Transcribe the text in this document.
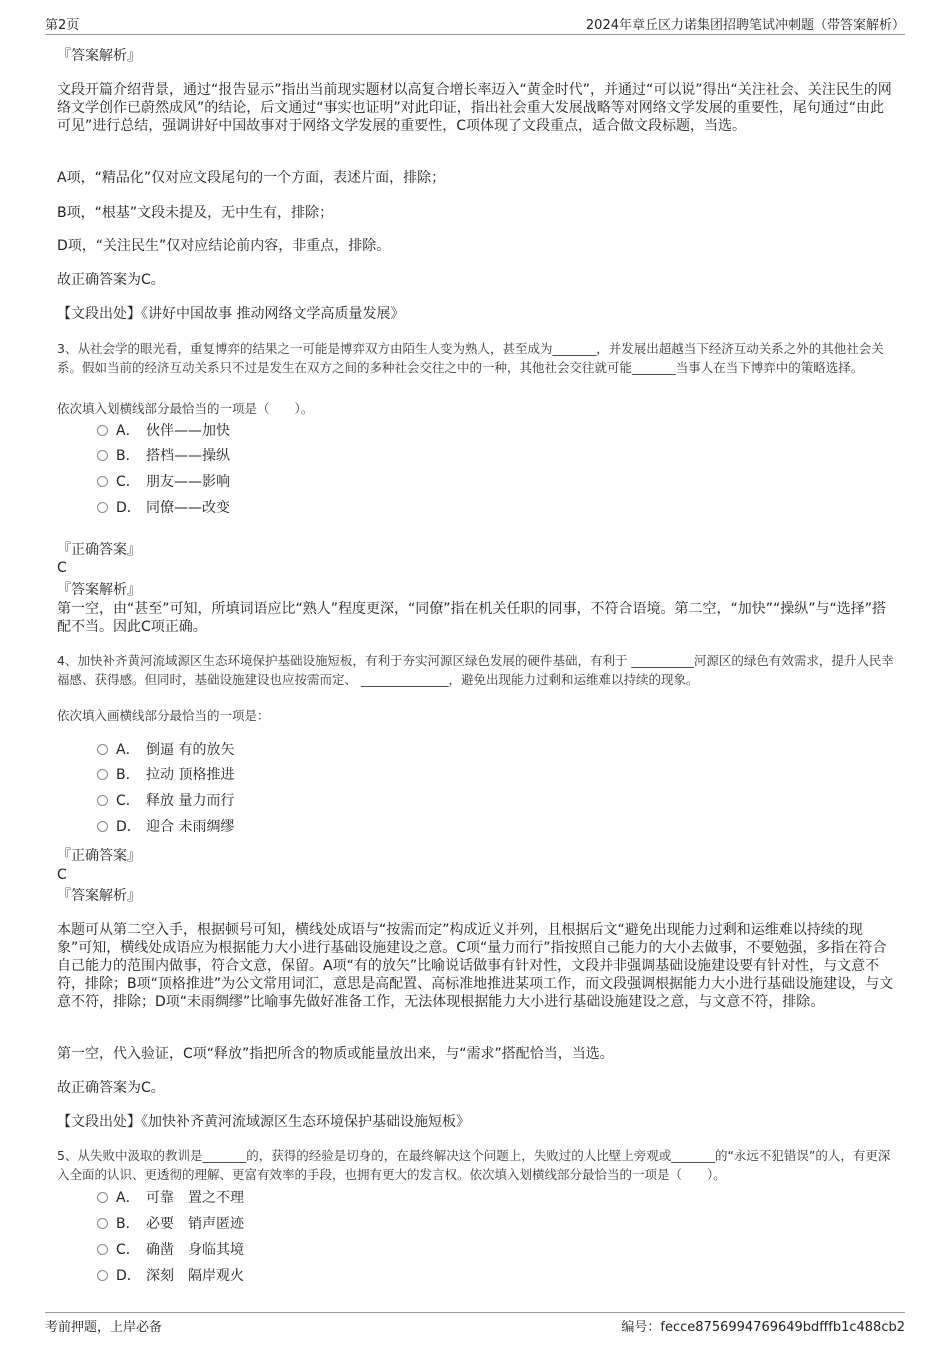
第2页	2024年章丘区力诺集团招聘笔试冲刺题（带答案解析）
『答案解析』
文段开篇介绍背景，通过“报告显示”指出当前现实题材以高复合增长率迈入“黄金时代”，并通过“可以说”得出“关注社会、关注民生的网络文学创作已蔚然成风”的结论，后文通过“事实也证明”对此印证，指出社会重大发展战略等对网络文学发展的重要性，尾句通过“由此可见”进行总结，强调讲好中国故事对于网络文学发展的重要性，C项体现了文段重点，适合做文段标题，当选。
A项，“精品化”仅对应文段尾句的一个方面，表述片面，排除；
B项，“根基”文段未提及，无中生有，排除；
D项，“关注民生”仅对应结论前内容，非重点，排除。
故正确答案为C。
【文段出处】《讲好中国故事 推动网络文学高质量发展》
3、从社会学的眼光看，重复博弈的结果之一可能是博弈双方由陌生人变为熟人，甚至成为_______，并发展出超越当下经济互动关系之外的其他社会关系。假如当前的经济互动关系只不过是发生在双方之间的多种社会交往之中的一种，其他社会交往就可能_______当事人在当下博弈中的策略选择。
依次填入划横线部分最恰当的一项是（　　）。
A． 伙伴——加快
B． 搭档——操纵
C． 朋友——影响
D． 同僚——改变
『正确答案』
C
『答案解析』
第一空，由“甚至”可知，所填词语应比“熟人”程度更深，“同僚”指在机关任职的同事，不符合语境。第二空，“加快”“操纵”与“选择”搭配不当。因此C项正确。
4、加快补齐黄河流域源区生态环境保护基础设施短板，有利于夯实河源区绿色发展的硬件基础，有利于 __________河源区的绿色有效需求，提升人民幸福感、获得感。但同时，基础设施建设也应按需而定、 ______________，避免出现能力过剩和运维难以持续的现象。
依次填入画横线部分最恰当的一项是：
A． 倒逼 有的放矢
B． 拉动 顶格推进
C． 释放 量力而行
D． 迎合 未雨绸缪
『正确答案』
C
『答案解析』
本题可从第二空入手，根据顿号可知，横线处成语与“按需而定”构成近义并列，且根据后文“避免出现能力过剩和运维难以持续的现象”可知，横线处成语应为根据能力大小进行基础设施建设之意。C项“量力而行”指按照自己能力的大小去做事，不要勉强，多指在符合自己能力的范围内做事，符合文意，保留。A项“有的放矢”比喻说话做事有针对性，文段并非强调基础设施建设要有针对性，与文意不符，排除；B项“顶格推进”为公文常用词汇，意思是高配置、高标准地推进某项工作，而文段强调根据能力大小进行基础设施建设，与文意不符，排除；D项“未雨绸缪”比喻事先做好准备工作，无法体现根据能力大小进行基础设施建设之意，与文意不符，排除。
第一空，代入验证，C项“释放”指把所含的物质或能量放出来，与“需求”搭配恰当，当选。
故正确答案为C。
【文段出处】《加快补齐黄河流域源区生态环境保护基础设施短板》
5、从失败中汲取的教训是_______的，获得的经验是切身的，在最终解决这个问题上，失败过的人比壁上旁观或_______的“永远不犯错误”的人，有更深入全面的认识、更透彻的理解、更富有效率的手段，也拥有更大的发言权。依次填入划横线部分最恰当的一项是（　　）。
A． 可靠　置之不理
B． 必要　销声匿迹
C． 确凿　身临其境
D． 深刻　隔岸观火
考前押题，上岸必备	编号：fecce8756994769649bdfffb1c488cb2
